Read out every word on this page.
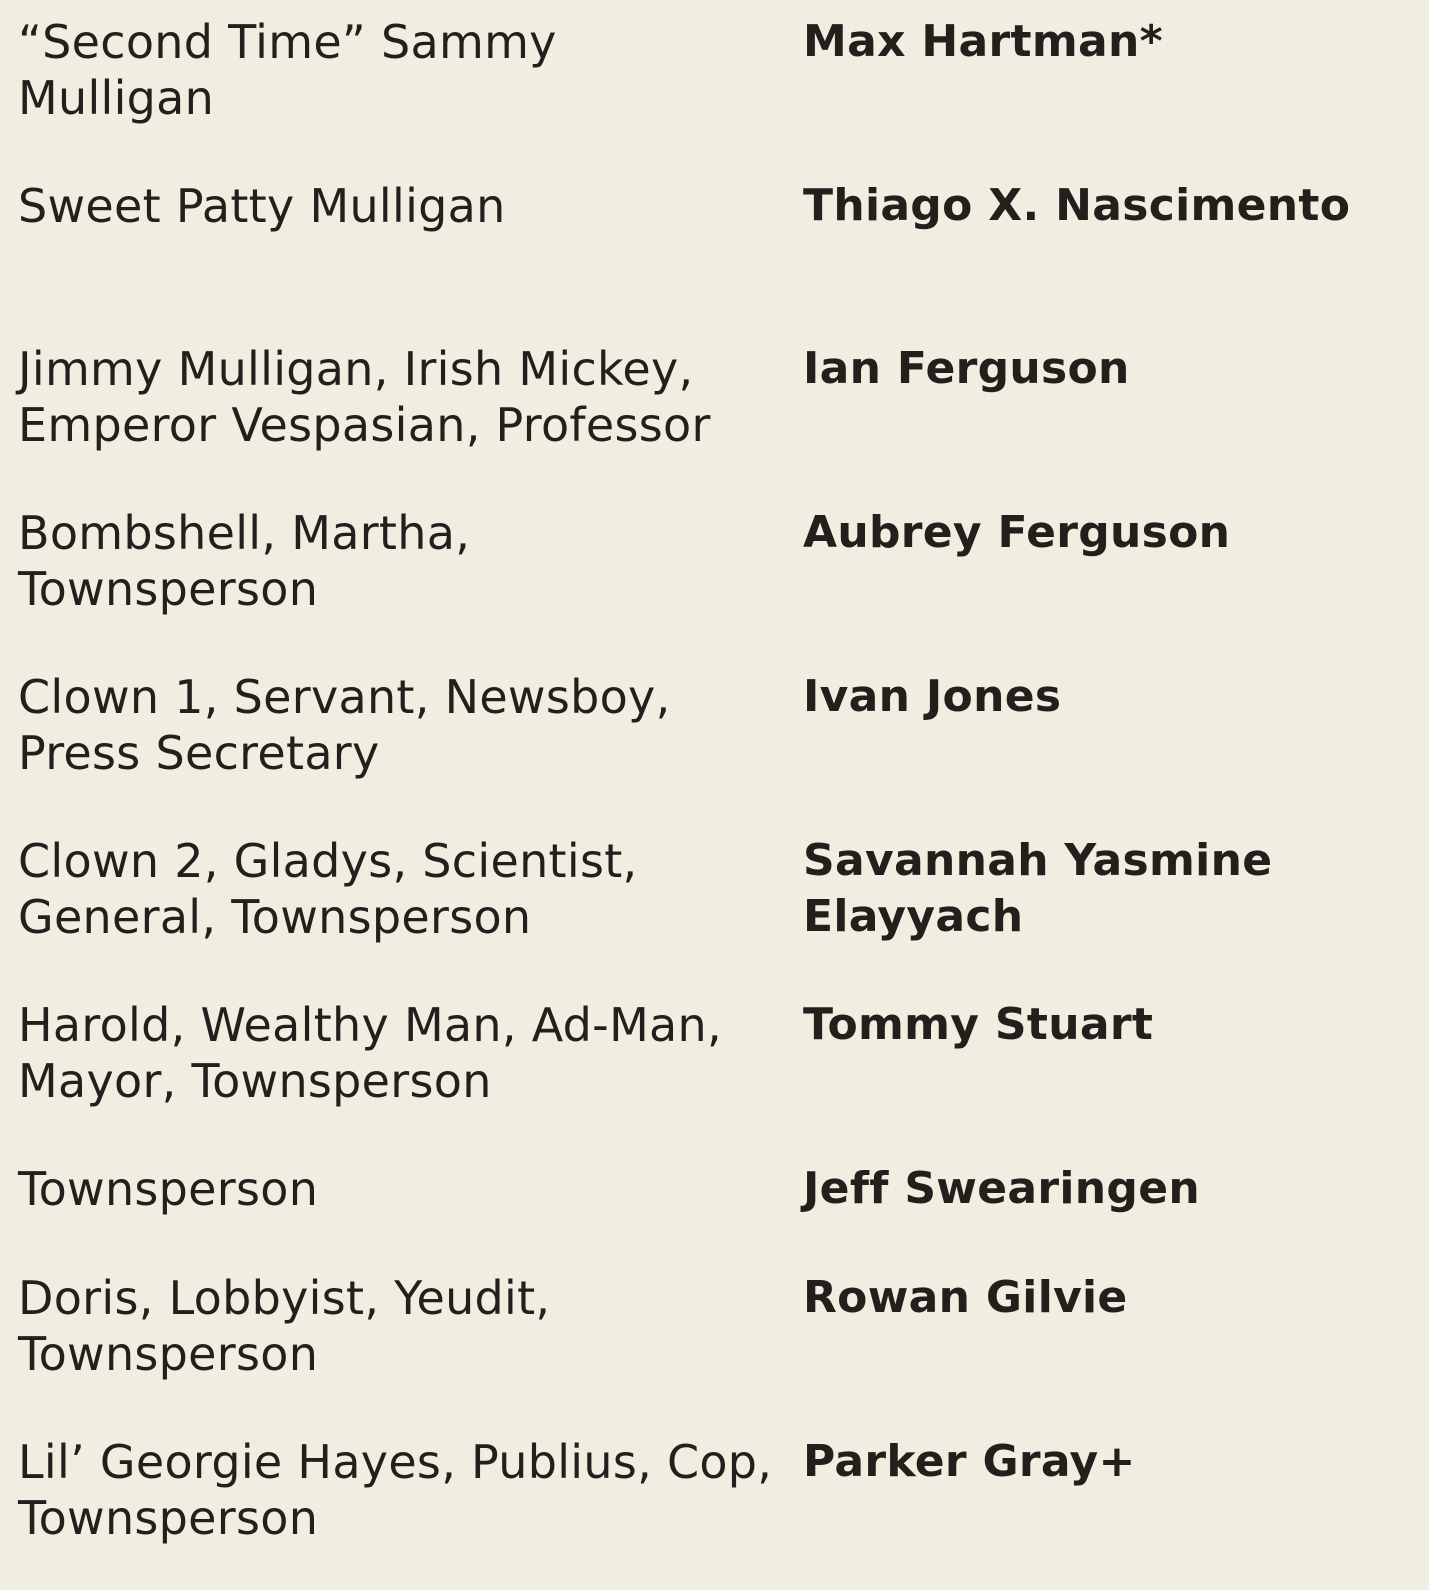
“Second Time” Sammy
Mulligan
Max Hartman*
Sweet Patty Mulligan	Thiago X. Nascimento
Jimmy Mulligan, Irish Mickey,
Emperor Vespasian, Professor
Ian Ferguson
Bombshell, Martha,
Townsperson
Aubrey Ferguson
Clown 1, Servant, Newsboy,
Press Secretary
Ivan Jones
Clown 2, Gladys, Scientist,
General, Townsperson
Savannah Yasmine
Elayyach
Harold, Wealthy Man, Ad-Man,
Mayor, Townsperson
Tommy Stuart
Townsperson	Jeff Swearingen
Doris, Lobbyist, Yeudit,
Townsperson
Rowan Gilvie
Lil’ Georgie Hayes, Publius, Cop,
Townsperson
Parker Gray+
